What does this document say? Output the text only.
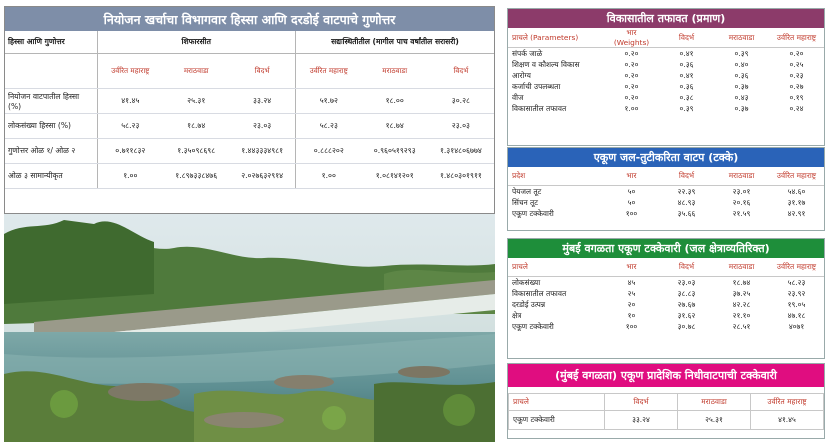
नियोजन खर्चाचा विभागवार हिस्सा आणि दरडोई वाटपाचे गुणोत्तर
हिस्सा आणि गुणोत्तर	शिफारसीत			सद्यःस्थितीतील (मागील पाच वर्षांतील सरासरी)		
	उर्वरित महाराष्ट्र	मराठवाडा	विदर्भ	उर्वरित महाराष्ट्र	मराठवाडा	विदर्भ
नियोजन वाटपातील हिस्सा (%)	४१.४५	२५.३१	३३.२४	५१.७२	१८.००	३०.२८
लोकसंख्या हिस्सा (%)	५८.२३	१८.७४	२३.०३	५८.२३	१८.७४	२३.०३
गुणोत्तर ओळ १/ ओळ २	०.७११८३२	१.३५०९८६९८	१.४४३३३४९८१	०.८८८२०२	०.९६०५१९२९३	१.३१४८०६७७४
ओळ ३ सामान्यीकृत	१.००	१.८९७३३८४७६	२.०२७६३२९१४	१.००	१.०८१४१२०१	१.४८०३०१९११
विकासातील तफावत (प्रमाण)
प्राचले (Parameters)	भार (Weights)	विदर्भ	मराठवाडा	उर्वरित महाराष्ट्र
संपर्क जाळे	०.२०	०.४१	०.३९	०.२०
शिक्षण व कौशल्य विकास	०.२०	०.३६	०.४०	०.२५
आरोग्य	०.२०	०.४१	०.३६	०.२३
कर्जाची उपलब्धता	०.२०	०.३६	०.३७	०.२७
वीज	०.२०	०.३८	०.४३	०.१९
विकासातील तफावत	१.००	०.३९	०.३७	०.२४
एकूण जल-तुटीकरिता वाटप (टक्के)
प्रदेश	भार	विदर्भ	मराठवाडा	उर्वरित महाराष्ट्र
पेयजल तूट	५०	२२.३९	२३.०१	५४.६०
सिंचन तूट	५०	४८.९३	२०.१६	३१.१७
एकूण टक्केवारी	१००	३५.६६	२१.५९	४२.९१
मुंबई वगळता एकूण टक्केवारी (जल क्षेत्राव्यतिरिक्त)
प्राचले	भार	विदर्भ	मराठवाडा	उर्वरित महाराष्ट्र
लोकसंख्या	४५	२३.०३	१८.७४	५८.२३
विकासातील तफावत	२५	३८.८३	३७.२५	२३.९२
दरडोई उत्पन्न	२०	२७.६७	४२.२८	१९.०५
क्षेत्र	१०	३१.६२	२१.१०	४७.१८
एकूण टक्केवारी	१००	३०.७८	२८.५१	४०७१
(मुंबई वगळता) एकूण प्रादेशिक निधीवाटपाची टक्केवारी
प्राचले	विदर्भ	मराठवाडा	उर्वरित महाराष्ट्र
एकूण टक्केवारी	३३.२४	२५.३१	४१.४५
